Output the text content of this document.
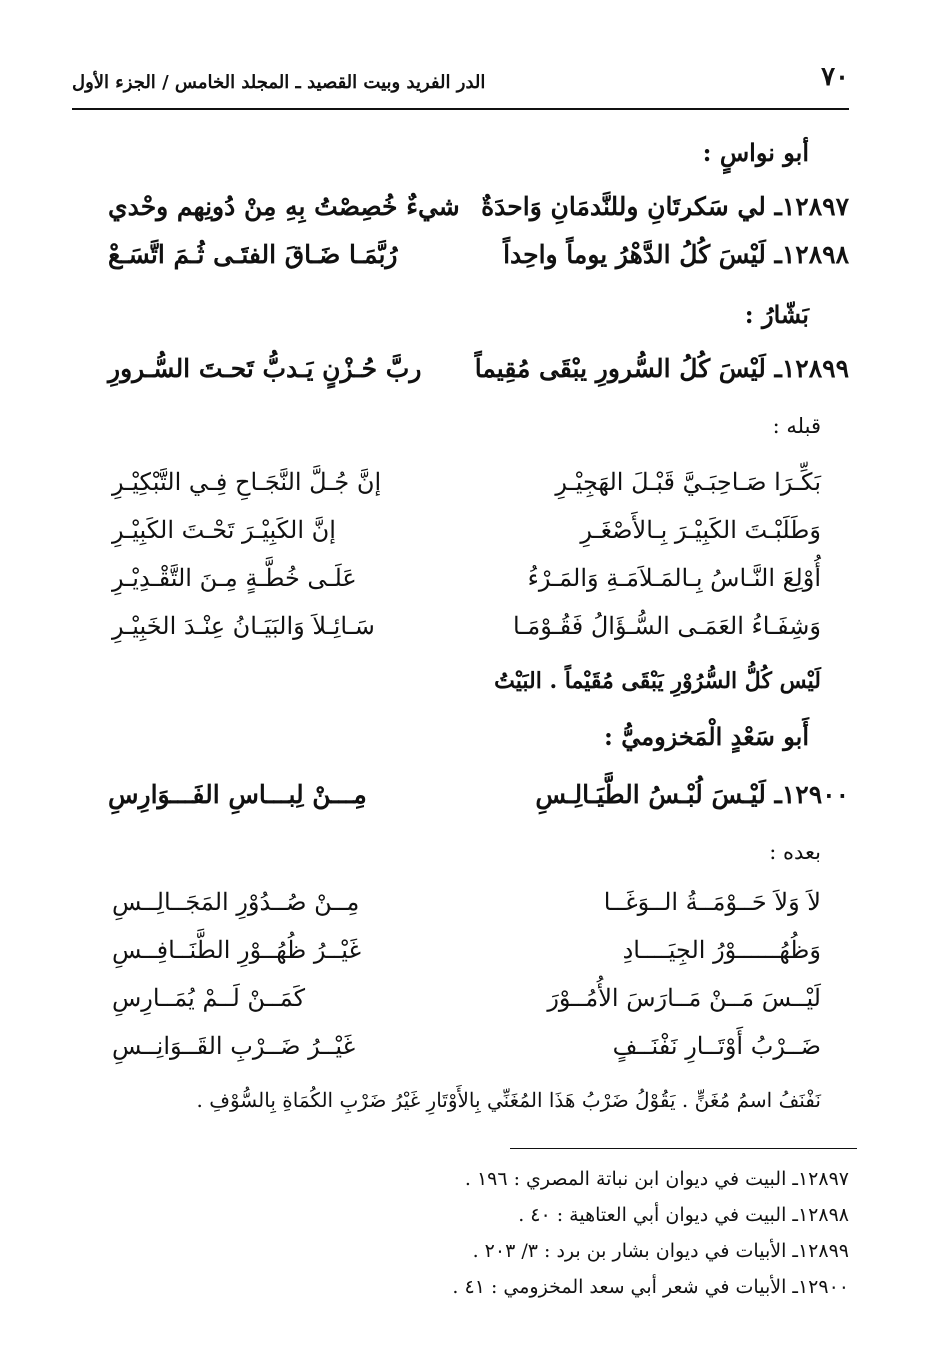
٧٠
الدر الفريد وبيت القصيد ـ المجلد الخامس / الجزء الأول
أبو نواسٍ :
١٢٨٩٧ـ لي سَكرتَانِ وللنَّدمَانِ وَاحدَةٌ
شيءٌ خُصِصْتُ بِهِ مِنْ دُونِهم وحْدي
١٢٨٩٨ـ لَيْسَ كُلُ الدَّهْرُ يوماً واحِداً
رُبَّمَـا ضَـاقَ الفتَـى ثُـمَ اتَّسَـعْ
بَشّارُ :
١٢٨٩٩ـ لَيْسَ كُلُ السُّرورِ يبْقَى مُقِيماً
ربَّ حُـزْنٍ يَـدبُّ تَحـتَ السُّـرورِ
قبله :
بَكِّـرَا صَـاحِبَـيَّ قَبْـلَ الهَجِيْـرِ
إنَّ جُـلَّ النَّجَـاحِ فِـي التَّبْكِيْـرِ
وَطَلَبْـتَ الكَبِيْـرَ بِـالأَصْغَـرِ
إنَّ الكَبِيْـرَ تَحْـتَ الكَبِيْـرِ
أُوْلِعَ النَّـاسُ بِـالمَـلاَمَـةِ وَالمَـرْءُ
عَلَـى خُطَّـةٍ مِـنَ التَّقْـدِيْـرِ
وَشِفَـاءُ العَمَـى السُّـؤَالُ فَقُـوْمَـا
سَـائِـلاَ وَالبَيَـانُ عِنْـدَ الخَبِيْـرِ
لَيْس كُلُّ السُّرُوْرِ يَبْقَى مُقَيْماً . البَيْتُ
أَبو سَعْدٍ الْمَخزوميُّ :
١٢٩٠٠ـ لَيْـسَ لُبْـسُ الطَّيَـالِـسِ
مِـــنْ لِبـــاسِ الفَـــوَارِسِ
بعده :
لاَ وَلاَ حَــوْمَــةُ الــوَغَــا
مِــنْ صُــدُوْرِ المَجَــالِــسِ
وَظُهُــــــوْرُ الجِيَــــادِ
غَيْــرُ ظُهُــوْرِ الطَّنَــافِــسِ
لَيْــسَ مَــنْ مَــارَسَ الأُمُــوْرَ
كَمَــنْ لَــمْ يُمَــارِسِ
ضَــرْبُ أَوْتَــارِ نَفْنَــفٍ
غَيْــرُ ضَــرْبِ القَــوَانِــسِ
نَفْنَفُ اسمُ مُغَنٍّ . يَقُوْلُ ضَرْبُ هَذَا المُغَنِّي بِالأَوْتَارِ غَيْرُ ضَرْبِ الكُمَاةِ بِالسُّوْفِ .
١٢٨٩٧ـ البيت في ديوان ابن نباتة المصري : ١٩٦ .
١٢٨٩٨ـ البيت في ديوان أبي العتاهية : ٤٠ .
١٢٨٩٩ـ الأبيات في ديوان بشار بن برد : ٣/ ٢٠٣ .
١٢٩٠٠ـ الأبيات في شعر أبي سعد المخزومي : ٤١ .
